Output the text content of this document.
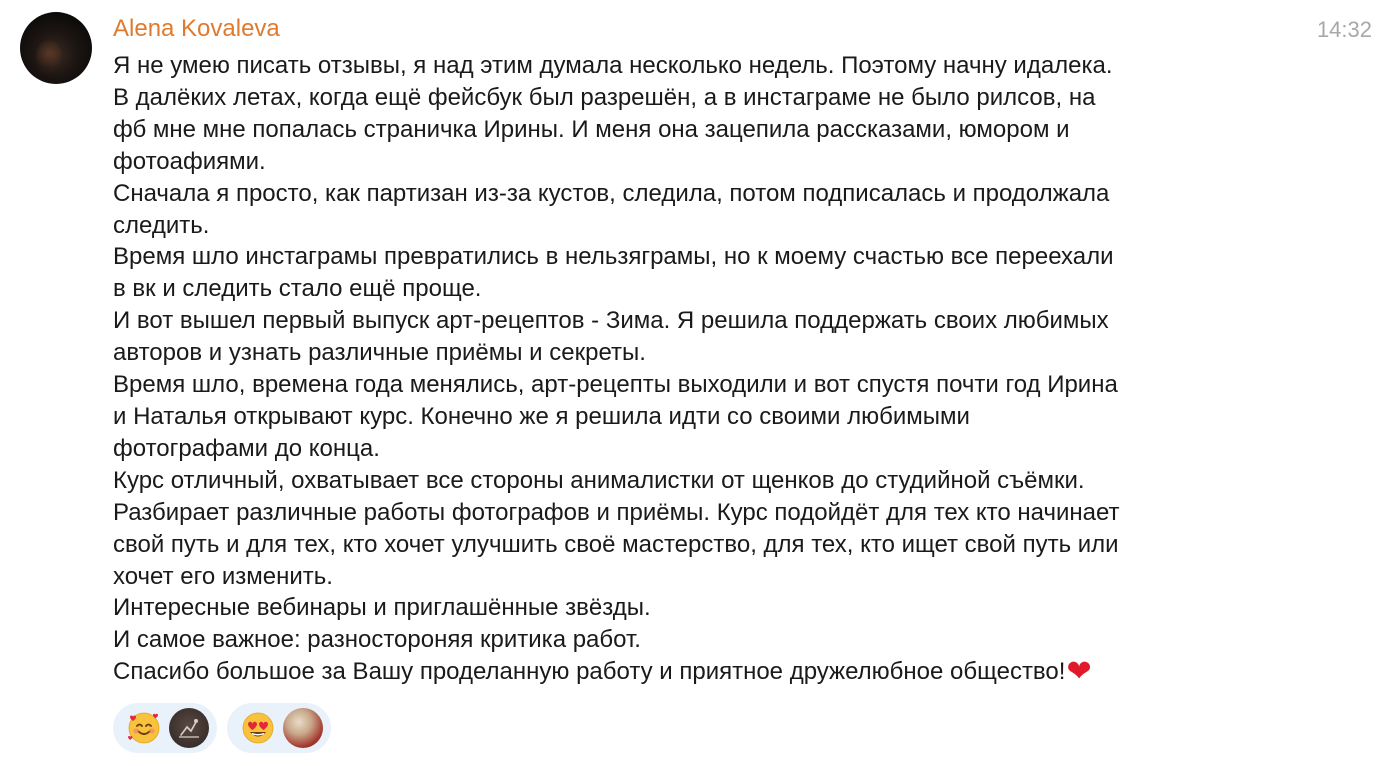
Alena Kovaleva	14:32
Я не умею писать отзывы, я над этим думала несколько недель. Поэтому начну идалека.
В далёких летах, когда ещё фейсбук был разрешён, а в инстаграме не было рилсов, на
фб мне мне попалась страничка Ирины. И меня она зацепила рассказами, юмором и
фотоафиями.
Сначала я просто, как партизан из-за кустов, следила, потом подписалась и продолжала
следить.
Время шло инстаграмы превратились в нельзяграмы, но к моему счастью все переехали
в вк и следить стало ещё проще.
И вот вышел первый выпуск арт-рецептов - Зима. Я решила поддержать своих любимых
авторов и узнать различные приёмы и секреты.
Время шло, времена года менялись, арт-рецепты выходили и вот спустя почти год Ирина
и Наталья открывают курс. Конечно же я решила идти со своими любимыми
фотографами до конца.
Курс отличный, охватывает все стороны анималистки от щенков до студийной съёмки.
Разбирает различные работы фотографов и приёмы. Курс подойдёт для тех кто начинает
свой путь и для тех, кто хочет улучшить своё мастерство, для тех, кто ищет свой путь или
хочет его изменить.
Интересные вебинары и приглашённые звёзды.
И самое важное: разностороняя критика работ.
Спасибо большое за Вашу проделанную работу и приятное дружелюбное общество!❤
